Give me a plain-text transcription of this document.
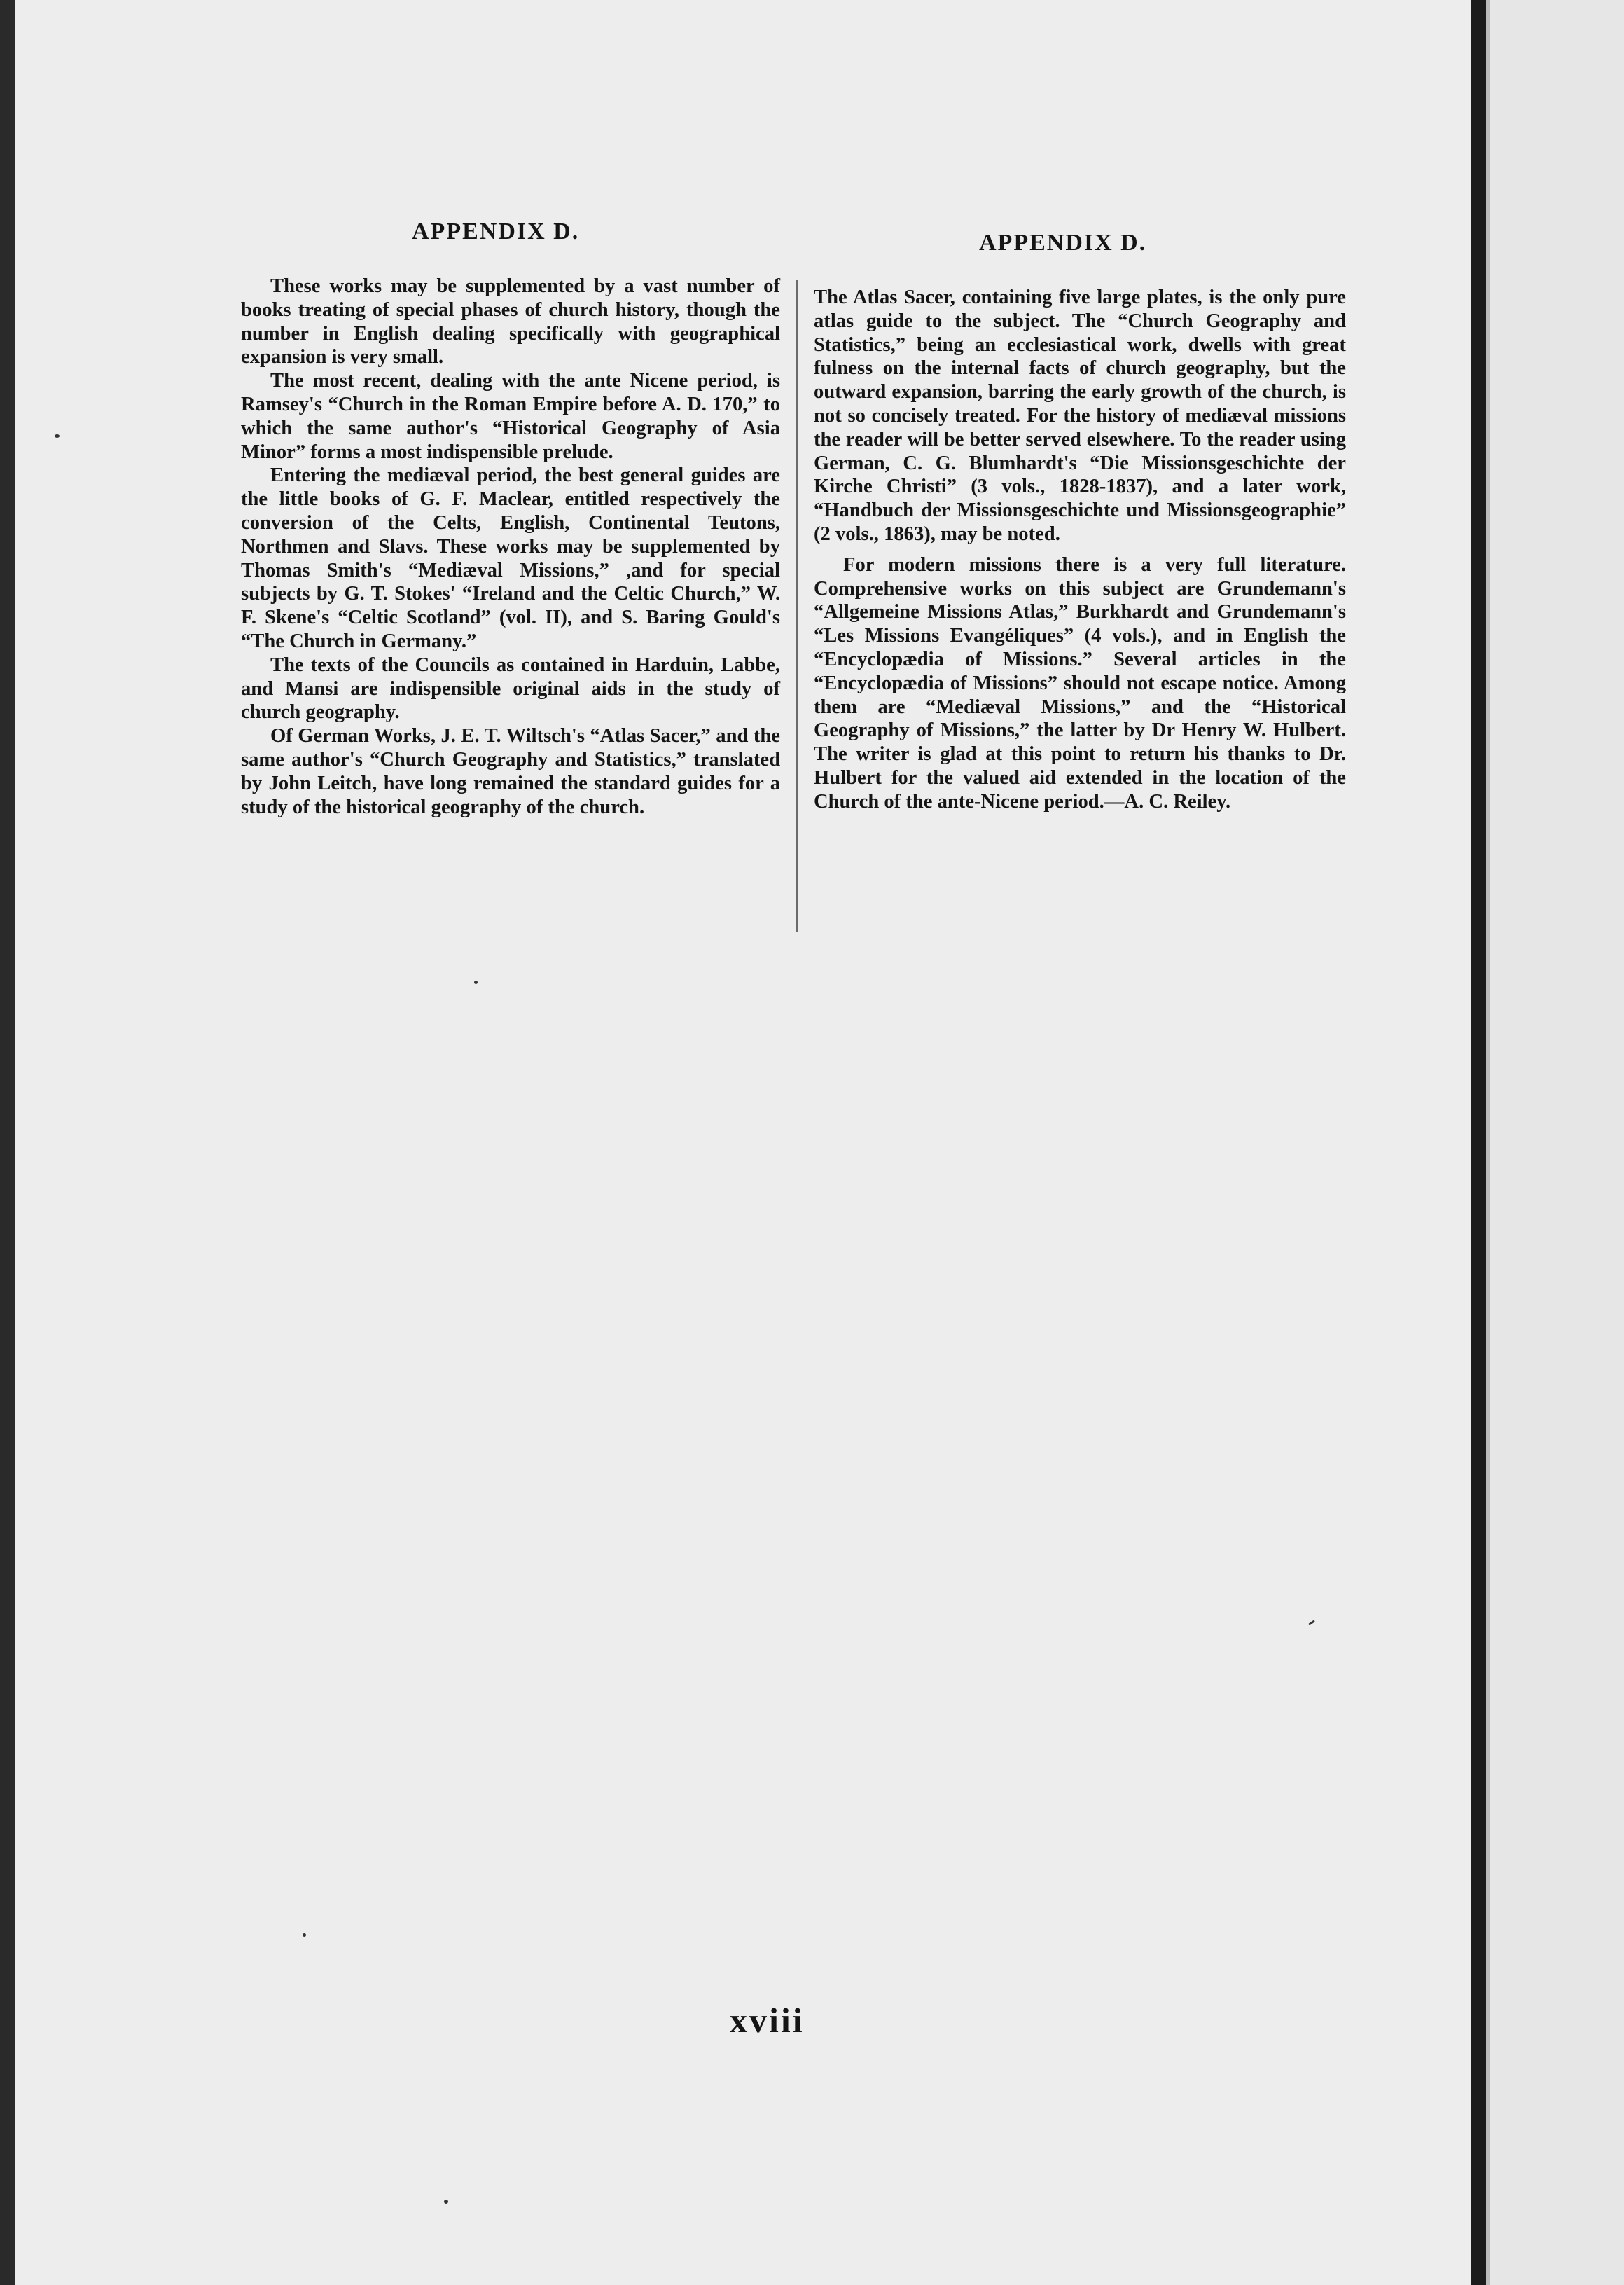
APPENDIX D.	APPENDIX D.

These works may be supplemented by a vast number of books treating of special phases of church history, though the number in English dealing specifically with geographical expansion is very small.

The most recent, dealing with the ante Nicene period, is Ramsey's “Church in the Roman Empire before A. D. 170,” to which the same author's “Historical Geography of Asia Minor” forms a most indispensible prelude.

Entering the mediæval period, the best general guides are the little books of G. F. Maclear, entitled respectively the conversion of the Celts, English, Continental Teutons, Northmen and Slavs. These works may be supplemented by Thomas Smith's “Mediæval Missions,” ,and for special subjects by G. T. Stokes' “Ireland and the Celtic Church,” W. F. Skene's “Celtic Scotland” (vol. II), and S. Baring Gould's “The Church in Germany.”

The texts of the Councils as contained in Harduin, Labbe, and Mansi are indispensible original aids in the study of church geography.

Of German Works, J. E. T. Wiltsch's “Atlas Sacer,” and the same author's “Church Geography and Statistics,” translated by John Leitch, have long remained the standard guides for a study of the historical geography of the church.

The Atlas Sacer, containing five large plates, is the only pure atlas guide to the subject. The “Church Geography and Statistics,” being an ecclesiastical work, dwells with great fulness on the internal facts of church geography, but the outward expansion, barring the early growth of the church, is not so concisely treated. For the history of mediæval missions the reader will be better served elsewhere. To the reader using German, C. G. Blumhardt's “Die Missionsgeschichte der Kirche Christi” (3 vols., 1828-1837), and a later work, “Handbuch der Missionsgeschichte und Missionsgeographie” (2 vols., 1863), may be noted.

For modern missions there is a very full literature. Comprehensive works on this subject are Grundemann's “Allgemeine Missions Atlas,” Burkhardt and Grundemann's “Les Missions Evangéliques” (4 vols.), and in English the “Encyclopædia of Missions.” Several articles in the “Encyclopædia of Missions” should not escape notice. Among them are “Mediæval Missions,” and the “Historical Geography of Missions,” the latter by Dr Henry W. Hulbert. The writer is glad at this point to return his thanks to Dr. Hulbert for the valued aid extended in the location of the Church of the ante-Nicene period.—A. C. Reiley.

xviii
